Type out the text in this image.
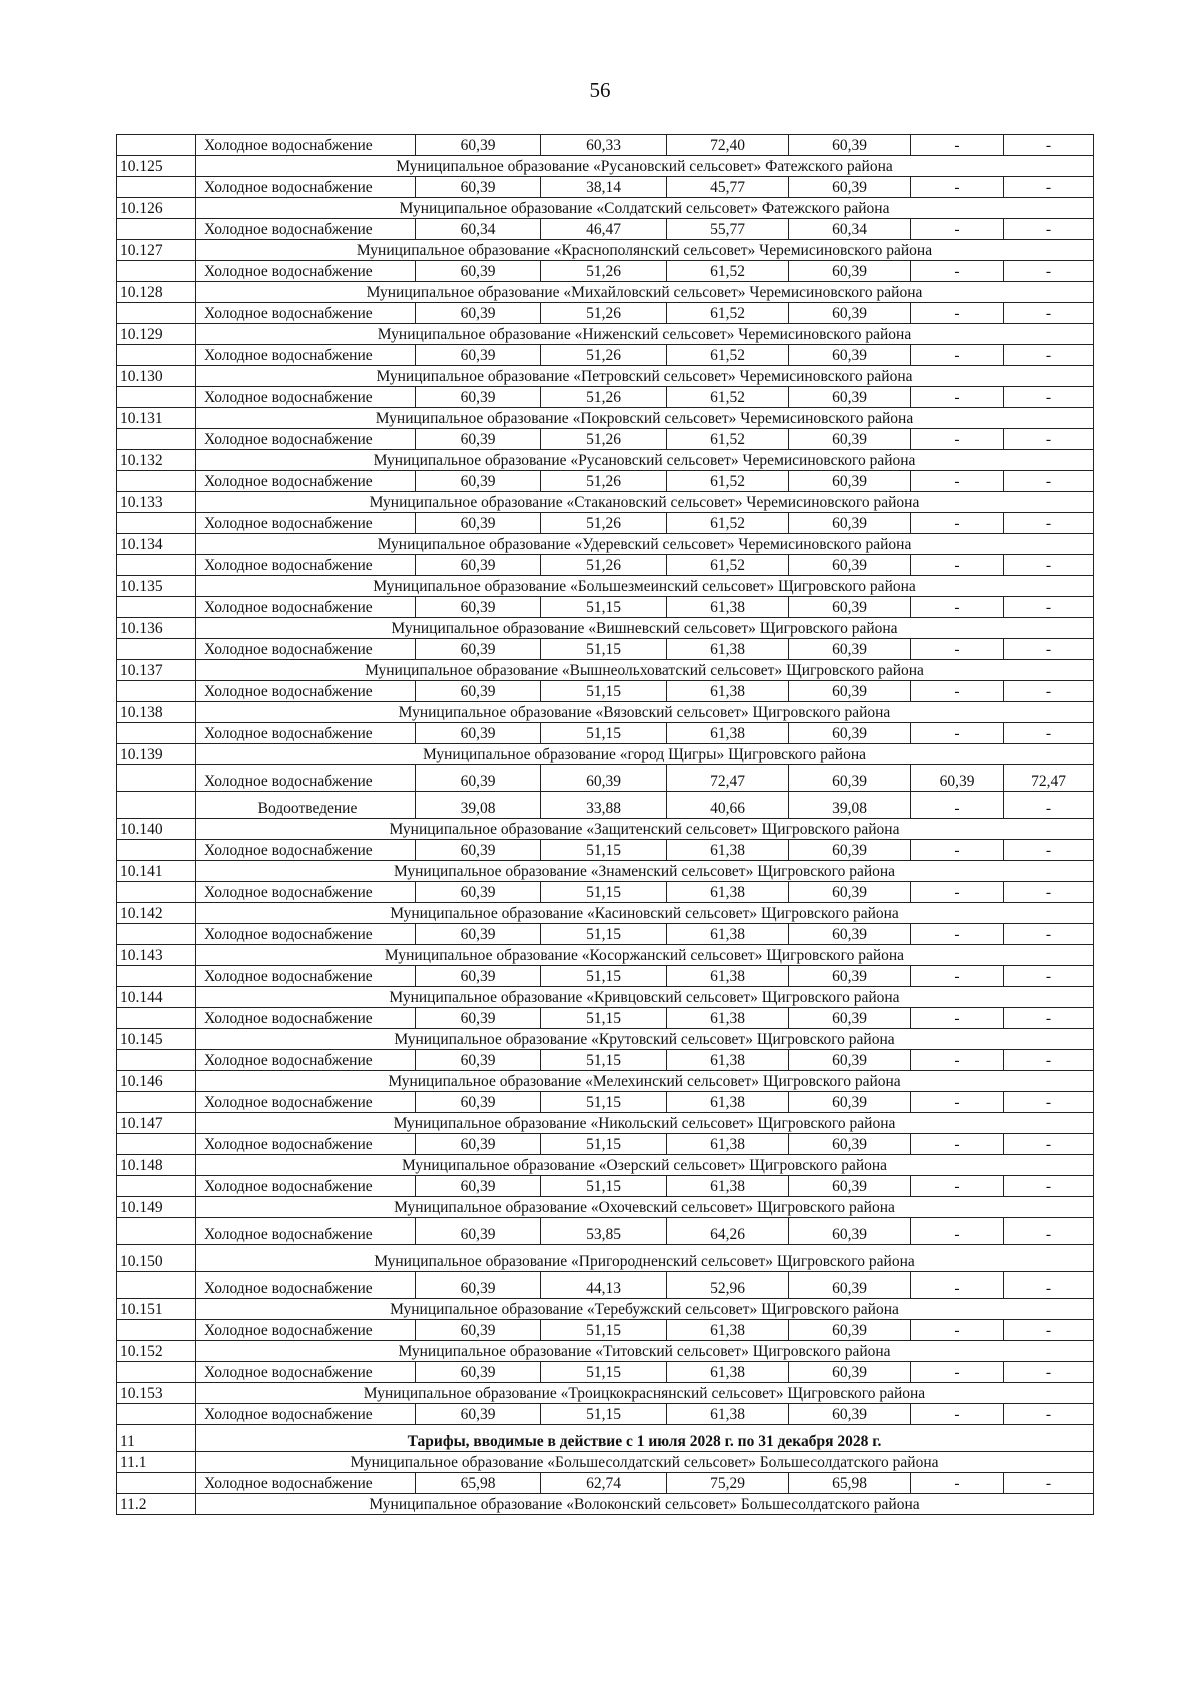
56
	Холодное водоснабжение	60,39	60,33	72,40	60,39	-	-
10.125	Муниципальное образование «Русановский сельсовет» Фатежского района						
	Холодное водоснабжение	60,39	38,14	45,77	60,39	-	-
10.126	Муниципальное образование «Солдатский сельсовет» Фатежского района						
	Холодное водоснабжение	60,34	46,47	55,77	60,34	-	-
10.127	Муниципальное образование «Краснополянский сельсовет» Черемисиновского района						
	Холодное водоснабжение	60,39	51,26	61,52	60,39	-	-
10.128	Муниципальное образование «Михайловский сельсовет» Черемисиновского района						
	Холодное водоснабжение	60,39	51,26	61,52	60,39	-	-
10.129	Муниципальное образование «Ниженский сельсовет» Черемисиновского района						
	Холодное водоснабжение	60,39	51,26	61,52	60,39	-	-
10.130	Муниципальное образование «Петровский сельсовет» Черемисиновского района						
	Холодное водоснабжение	60,39	51,26	61,52	60,39	-	-
10.131	Муниципальное образование «Покровский сельсовет» Черемисиновского района						
	Холодное водоснабжение	60,39	51,26	61,52	60,39	-	-
10.132	Муниципальное образование «Русановский сельсовет» Черемисиновского района						
	Холодное водоснабжение	60,39	51,26	61,52	60,39	-	-
10.133	Муниципальное образование «Стакановский сельсовет» Черемисиновского района						
	Холодное водоснабжение	60,39	51,26	61,52	60,39	-	-
10.134	Муниципальное образование «Удеревский сельсовет» Черемисиновского района						
	Холодное водоснабжение	60,39	51,26	61,52	60,39	-	-
10.135	Муниципальное образование «Большезмеинский сельсовет» Щигровского района						
	Холодное водоснабжение	60,39	51,15	61,38	60,39	-	-
10.136	Муниципальное образование «Вишневский сельсовет» Щигровского района						
	Холодное водоснабжение	60,39	51,15	61,38	60,39	-	-
10.137	Муниципальное образование «Вышнеольховатский сельсовет» Щигровского района						
	Холодное водоснабжение	60,39	51,15	61,38	60,39	-	-
10.138	Муниципальное образование «Вязовский сельсовет» Щигровского района						
	Холодное водоснабжение	60,39	51,15	61,38	60,39	-	-
10.139	Муниципальное образование «город Щигры» Щигровского района						
	Холодное водоснабжение	60,39	60,39	72,47	60,39	60,39	72,47
	Водоотведение	39,08	33,88	40,66	39,08	-	-
10.140	Муниципальное образование «Защитенский сельсовет» Щигровского района						
	Холодное водоснабжение	60,39	51,15	61,38	60,39	-	-
10.141	Муниципальное образование «Знаменский сельсовет» Щигровского района						
	Холодное водоснабжение	60,39	51,15	61,38	60,39	-	-
10.142	Муниципальное образование «Касиновский сельсовет» Щигровского района						
	Холодное водоснабжение	60,39	51,15	61,38	60,39	-	-
10.143	Муниципальное образование «Косоржанский сельсовет» Щигровского района						
	Холодное водоснабжение	60,39	51,15	61,38	60,39	-	-
10.144	Муниципальное образование «Кривцовский сельсовет» Щигровского района						
	Холодное водоснабжение	60,39	51,15	61,38	60,39	-	-
10.145	Муниципальное образование «Крутовский сельсовет» Щигровского района						
	Холодное водоснабжение	60,39	51,15	61,38	60,39	-	-
10.146	Муниципальное образование «Мелехинский сельсовет» Щигровского района						
	Холодное водоснабжение	60,39	51,15	61,38	60,39	-	-
10.147	Муниципальное образование «Никольский сельсовет» Щигровского района						
	Холодное водоснабжение	60,39	51,15	61,38	60,39	-	-
10.148	Муниципальное образование «Озерский сельсовет» Щигровского района						
	Холодное водоснабжение	60,39	51,15	61,38	60,39	-	-
10.149	Муниципальное образование «Охочевский сельсовет» Щигровского района						
	Холодное водоснабжение	60,39	53,85	64,26	60,39	-	-
10.150	Муниципальное образование «Пригородненский сельсовет» Щигровского района						
	Холодное водоснабжение	60,39	44,13	52,96	60,39	-	-
10.151	Муниципальное образование «Теребужский сельсовет» Щигровского района						
	Холодное водоснабжение	60,39	51,15	61,38	60,39	-	-
10.152	Муниципальное образование «Титовский сельсовет» Щигровского района						
	Холодное водоснабжение	60,39	51,15	61,38	60,39	-	-
10.153	Муниципальное образование «Троицкокраснянский сельсовет» Щигровского района						
	Холодное водоснабжение	60,39	51,15	61,38	60,39	-	-
11	Тарифы, вводимые в действие с 1 июля 2028 г. по 31 декабря 2028 г.						
11.1	Муниципальное образование «Большесолдатский сельсовет» Большесолдатского района						
	Холодное водоснабжение	65,98	62,74	75,29	65,98	-	-
11.2	Муниципальное образование «Волоконский сельсовет» Большесолдатского района						
